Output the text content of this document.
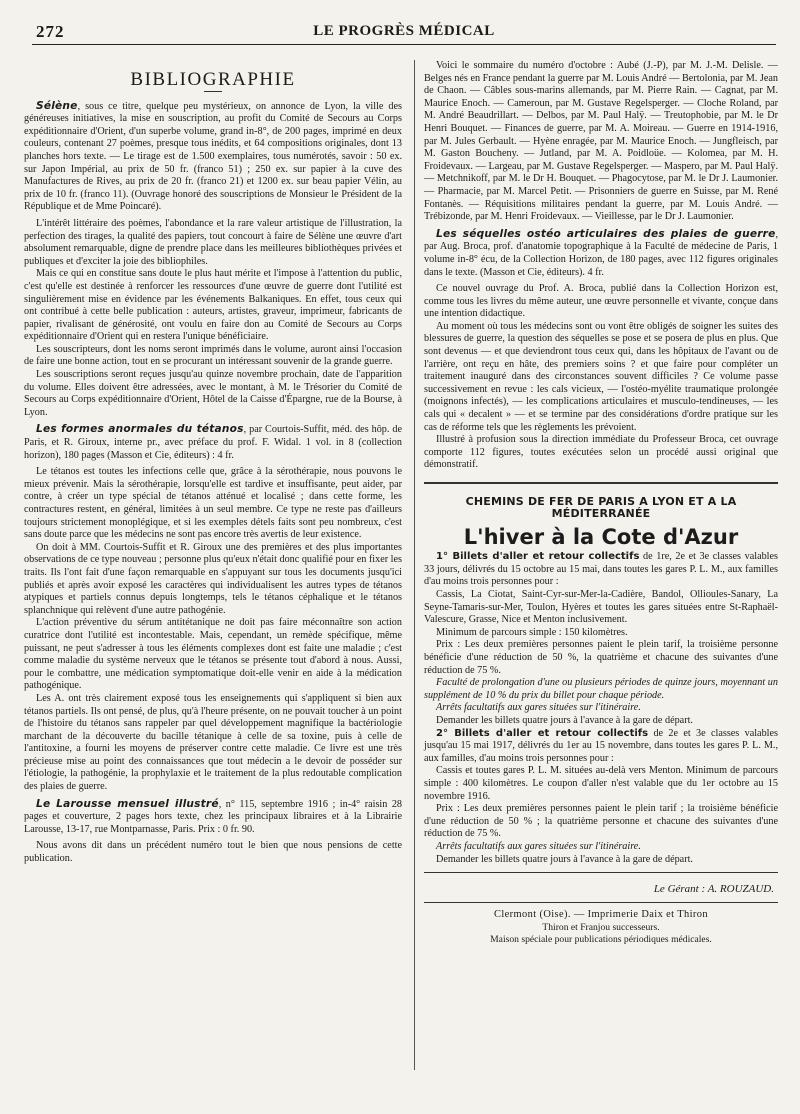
272	LE PROGRÈS MÉDICAL
BIBLIOGRAPHIE

Sélène, sous ce titre, quelque peu mystérieux, on annonce de Lyon, la ville des généreuses initiatives, la mise en souscription, au profit du Comité de Secours au Corps expéditionnaire d'Orient, d'un superbe volume, grand in-8°, de 200 pages, imprimé en deux couleurs, contenant 27 poèmes, presque tous inédits, et 64 compositions originales, dont 13 planches hors texte. — Le tirage est de 1.500 exemplaires, tous numérotés, savoir : 50 ex. sur Japon Impérial, au prix de 50 fr. (franco 51) ; 250 ex. sur papier à la cuve des Manufactures de Rives, au prix de 20 fr. (franco 21) et 1200 ex. sur beau papier Vélin, au prix de 10 fr. (franco 11). (Ouvrage honoré des souscriptions de Monsieur le Président de la République et de Mme Poincaré).

L'intérêt littéraire des poèmes, l'abondance et la rare valeur artistique de l'illustration, la perfection des tirages, la qualité des papiers, tout concourt à faire de Sélène une œuvre d'art absolument remarquable, digne de prendre place dans les meilleures bibliothèques privées et publiques et d'exciter la joie des bibliophiles.

Mais ce qui en constitue sans doute le plus haut mérite et l'impose à l'attention du public, c'est qu'elle est destinée à renforcer les ressources d'une œuvre de guerre dont l'utilité est singulièrement mise en évidence par les événements Balkaniques. En effet, tous ceux qui ont contribué à cette belle publication : auteurs, artistes, graveur, imprimeur, fabricants de papier, rivalisant de générosité, ont voulu en faire don au Comité de Secours au Corps expéditionnaire d'Orient qui en restera l'unique bénéficiaire.

Les souscripteurs, dont les noms seront imprimés dans le volume, auront ainsi l'occasion de faire une bonne action, tout en se procurant un intéressant souvenir de la grande guerre.

Les souscriptions seront reçues jusqu'au quinze novembre prochain, date de l'apparition du volume. Elles doivent être adressées, avec le montant, à M. le Trésorier du Comité de Secours au Corps expéditionnaire d'Orient, Hôtel de la Caisse d'Épargne, rue de la Bourse, à Lyon.

Les formes anormales du tétanos, par Courtois-Suffit, méd. des hôp. de Paris, et R. Giroux, interne pr., avec préface du prof. F. Widal. 1 vol. in 8 (collection horizon), 180 pages (Masson et Cie, éditeurs) : 4 fr.

Le tétanos est toutes les infections celle que, grâce à la sérothérapie, nous pouvons le mieux prévenir. Mais la sérothérapie, lorsqu'elle est tardive et insuffisante, peut aider, par contre, à créer un type spécial de tétanos atténué et localisé ; dans cette forme, les contractures restent, en général, limitées à un seul membre. Ce type ne reste pas d'ailleurs toujours strictement monoplégique, et si les exemples détels faits sont peu nombreux, c'est sans doute parce que les médecins ne sont pas encore très avertis de leur existence.

On doit à MM. Courtois-Suffit et R. Giroux une des premières et des plus importantes observations de ce type nouveau ; personne plus qu'eux n'était donc qualifié pour en fixer les traits. Ils l'ont fait d'une façon remarquable en s'appuyant sur tous les documents jusqu'ici publiés et après avoir exposé les caractères qui individualisent les autres types de tétanos atypiques et partiels connus depuis longtemps, tels le tétanos céphalique et le tétanos splanchnique qui relèvent d'une autre pathogénie.

L'action préventive du sérum antitétanique ne doit pas faire méconnaître son action curatrice dont l'utilité est incontestable. Mais, cependant, un remède spécifique, même puissant, ne peut s'adresser à tous les éléments complexes dont est faite une maladie ; c'est comme maladie du système nerveux que le tétanos se présente tout d'abord à nous. Aussi, pour le combattre, une médication symptomatique doit-elle venir en aide à la médication pathogénique.

Les A. ont très clairement exposé tous les enseignements qui s'appliquent si bien aux tétanos partiels. Ils ont pensé, de plus, qu'à l'heure présente, on ne pouvait toucher à un point de l'histoire du tétanos sans rappeler par quel développement magnifique la bactériologie marchant de la découverte du bacille tétanique à celle de sa toxine, puis à celle de l'antitoxine, a fourni les moyens de préserver contre cette maladie. Ce livre est une très précieuse mise au point des connaissances que tout médecin a le devoir de posséder sur l'étiologie, la pathogénie, la prophylaxie et le traitement de la plus redoutable complication des plaies de guerre.

Le Larousse mensuel illustré, n° 115, septembre 1916 ; in-4° raisin 28 pages et couverture, 2 pages hors texte, chez les principaux libraires et à la Librairie Larousse, 13-17, rue Montparnasse, Paris. Prix : 0 fr. 90.

Nous avons dit dans un précédent numéro tout le bien que nous pensions de cette publication.

Voici le sommaire du numéro d'octobre : Aubé (J.-P), par M. J.-M. Delisle. — Belges nés en France pendant la guerre par M. Louis André — Bertolonia, par M. Jean de Chaon. — Câbles sous-marins allemands, par M. Pierre Rain. — Cagnat, par M. Maurice Enoch. — Cameroun, par M. Gustave Regelsperger. — Cloche Roland, par M. André Beaudrillart. — Delbos, par M. Paul Halÿ. — Treutophobie, par M. le Dr Henri Bouquet. — Finances de guerre, par M. A. Moireau. — Guerre en 1914-1916, par M. Jules Gerbault. — Hyène enragée, par M. Maurice Enoch. — Jungfleisch, par M. Gaston Boucheny. — Jutland, par M. A. Poidloüe. — Kolomea, par M. H. Froidevaux. — Largeau, par M. Gustave Regelsperger. — Maspero, par M. Paul Halÿ. — Metchnikoff, par M. le Dr H. Bouquet. — Phagocytose, par M. le Dr J. Laumonier. — Pharmacie, par M. Marcel Petit. — Prisonniers de guerre en Suisse, par M. René Fontanès. — Réquisitions militaires pendant la guerre, par M. Louis André. — Trébizonde, par M. Henri Froidevaux. — Vieillesse, par le Dr J. Laumonier.

Les séquelles ostéo articulaires des plaies de guerre, par Aug. Broca, prof. d'anatomie topographique à la Faculté de médecine de Paris, 1 volume in-8° écu, de la Collection Horizon, de 180 pages, avec 112 figures originales dans le texte. (Masson et Cie, éditeurs). 4 fr.

Ce nouvel ouvrage du Prof. A. Broca, publié dans la Collection Horizon est, comme tous les livres du même auteur, une œuvre personnelle et vivante, conçue dans une intention didactique.

Au moment où tous les médecins sont ou vont être obligés de soigner les suites des blessures de guerre, la question des séquelles se pose et se posera de plus en plus. Que sont devenus — et que deviendront tous ceux qui, dans les hôpitaux de l'avant ou de l'arrière, ont reçu en hâte, des premiers soins ? et que faire pour compléter un traitement inauguré dans des circonstances souvent difficiles ? Ce volume passe successivement en revue : les cals vicieux, — l'ostéo-myélite traumatique prolongée (moignons infectés), — les complications articulaires et musculo-tendineuses, — les cals qui « decalent » — et se termine par des considérations d'ordre pratique sur les cas de réforme tels que les règlements les prévoient.

Illustré à profusion sous la direction immédiate du Professeur Broca, cet ouvrage comporte 112 figures, toutes exécutées selon un procédé aussi original que démonstratif.

CHEMINS DE FER DE PARIS A LYON ET A LA MÉDITERRANÉE
L'hiver à la Cote d'Azur

1° Billets d'aller et retour collectifs de 1re, 2e et 3e classes valables 33 jours, délivrés du 15 octobre au 15 mai, dans toutes les gares P. L. M., aux familles d'au moins trois personnes pour :

Cassis, La Ciotat, Saint-Cyr-sur-Mer-la-Cadière, Bandol, Ollioules-Sanary, La Seyne-Tamaris-sur-Mer, Toulon, Hyères et toutes les gares situées entre St-Raphaël-Valescure, Grasse, Nice et Menton inclusivement.

Minimum de parcours simple : 150 kilomètres.

Prix : Les deux premières personnes paient le plein tarif, la troisième personne bénéficie d'une réduction de 50 %, la quatrième et chacune des suivantes d'une réduction de 75 %.

Faculté de prolongation d'une ou plusieurs périodes de quinze jours, moyennant un supplément de 10 % du prix du billet pour chaque période.

Arrêts facultatifs aux gares situées sur l'itinéraire.

Demander les billets quatre jours à l'avance à la gare de départ.

2° Billets d'aller et retour collectifs de 2e et 3e classes valables jusqu'au 15 mai 1917, délivrés du 1er au 15 novembre, dans toutes les gares P. L. M., aux familles, d'au moins trois personnes pour :

Cassis et toutes gares P. L. M. situées au-delà vers Menton. Minimum de parcours simple : 400 kilomètres. Le coupon d'aller n'est valable que du 1er octobre au 15 novembre 1916.

Prix : Les deux premières personnes paient le plein tarif ; la troisième bénéficie d'une réduction de 50 % ; la quatrième personne et chacune des suivantes d'une réduction de 75 %.

Arrêts facultatifs aux gares situées sur l'itinéraire.

Demander les billets quatre jours à l'avance à la gare de départ.

Le Gérant : A. ROUZAUD.
Clermont (Oise). — Imprimerie Daix et Thiron
Thiron et Franjou successeurs.
Maison spéciale pour publications périodiques médicales.
